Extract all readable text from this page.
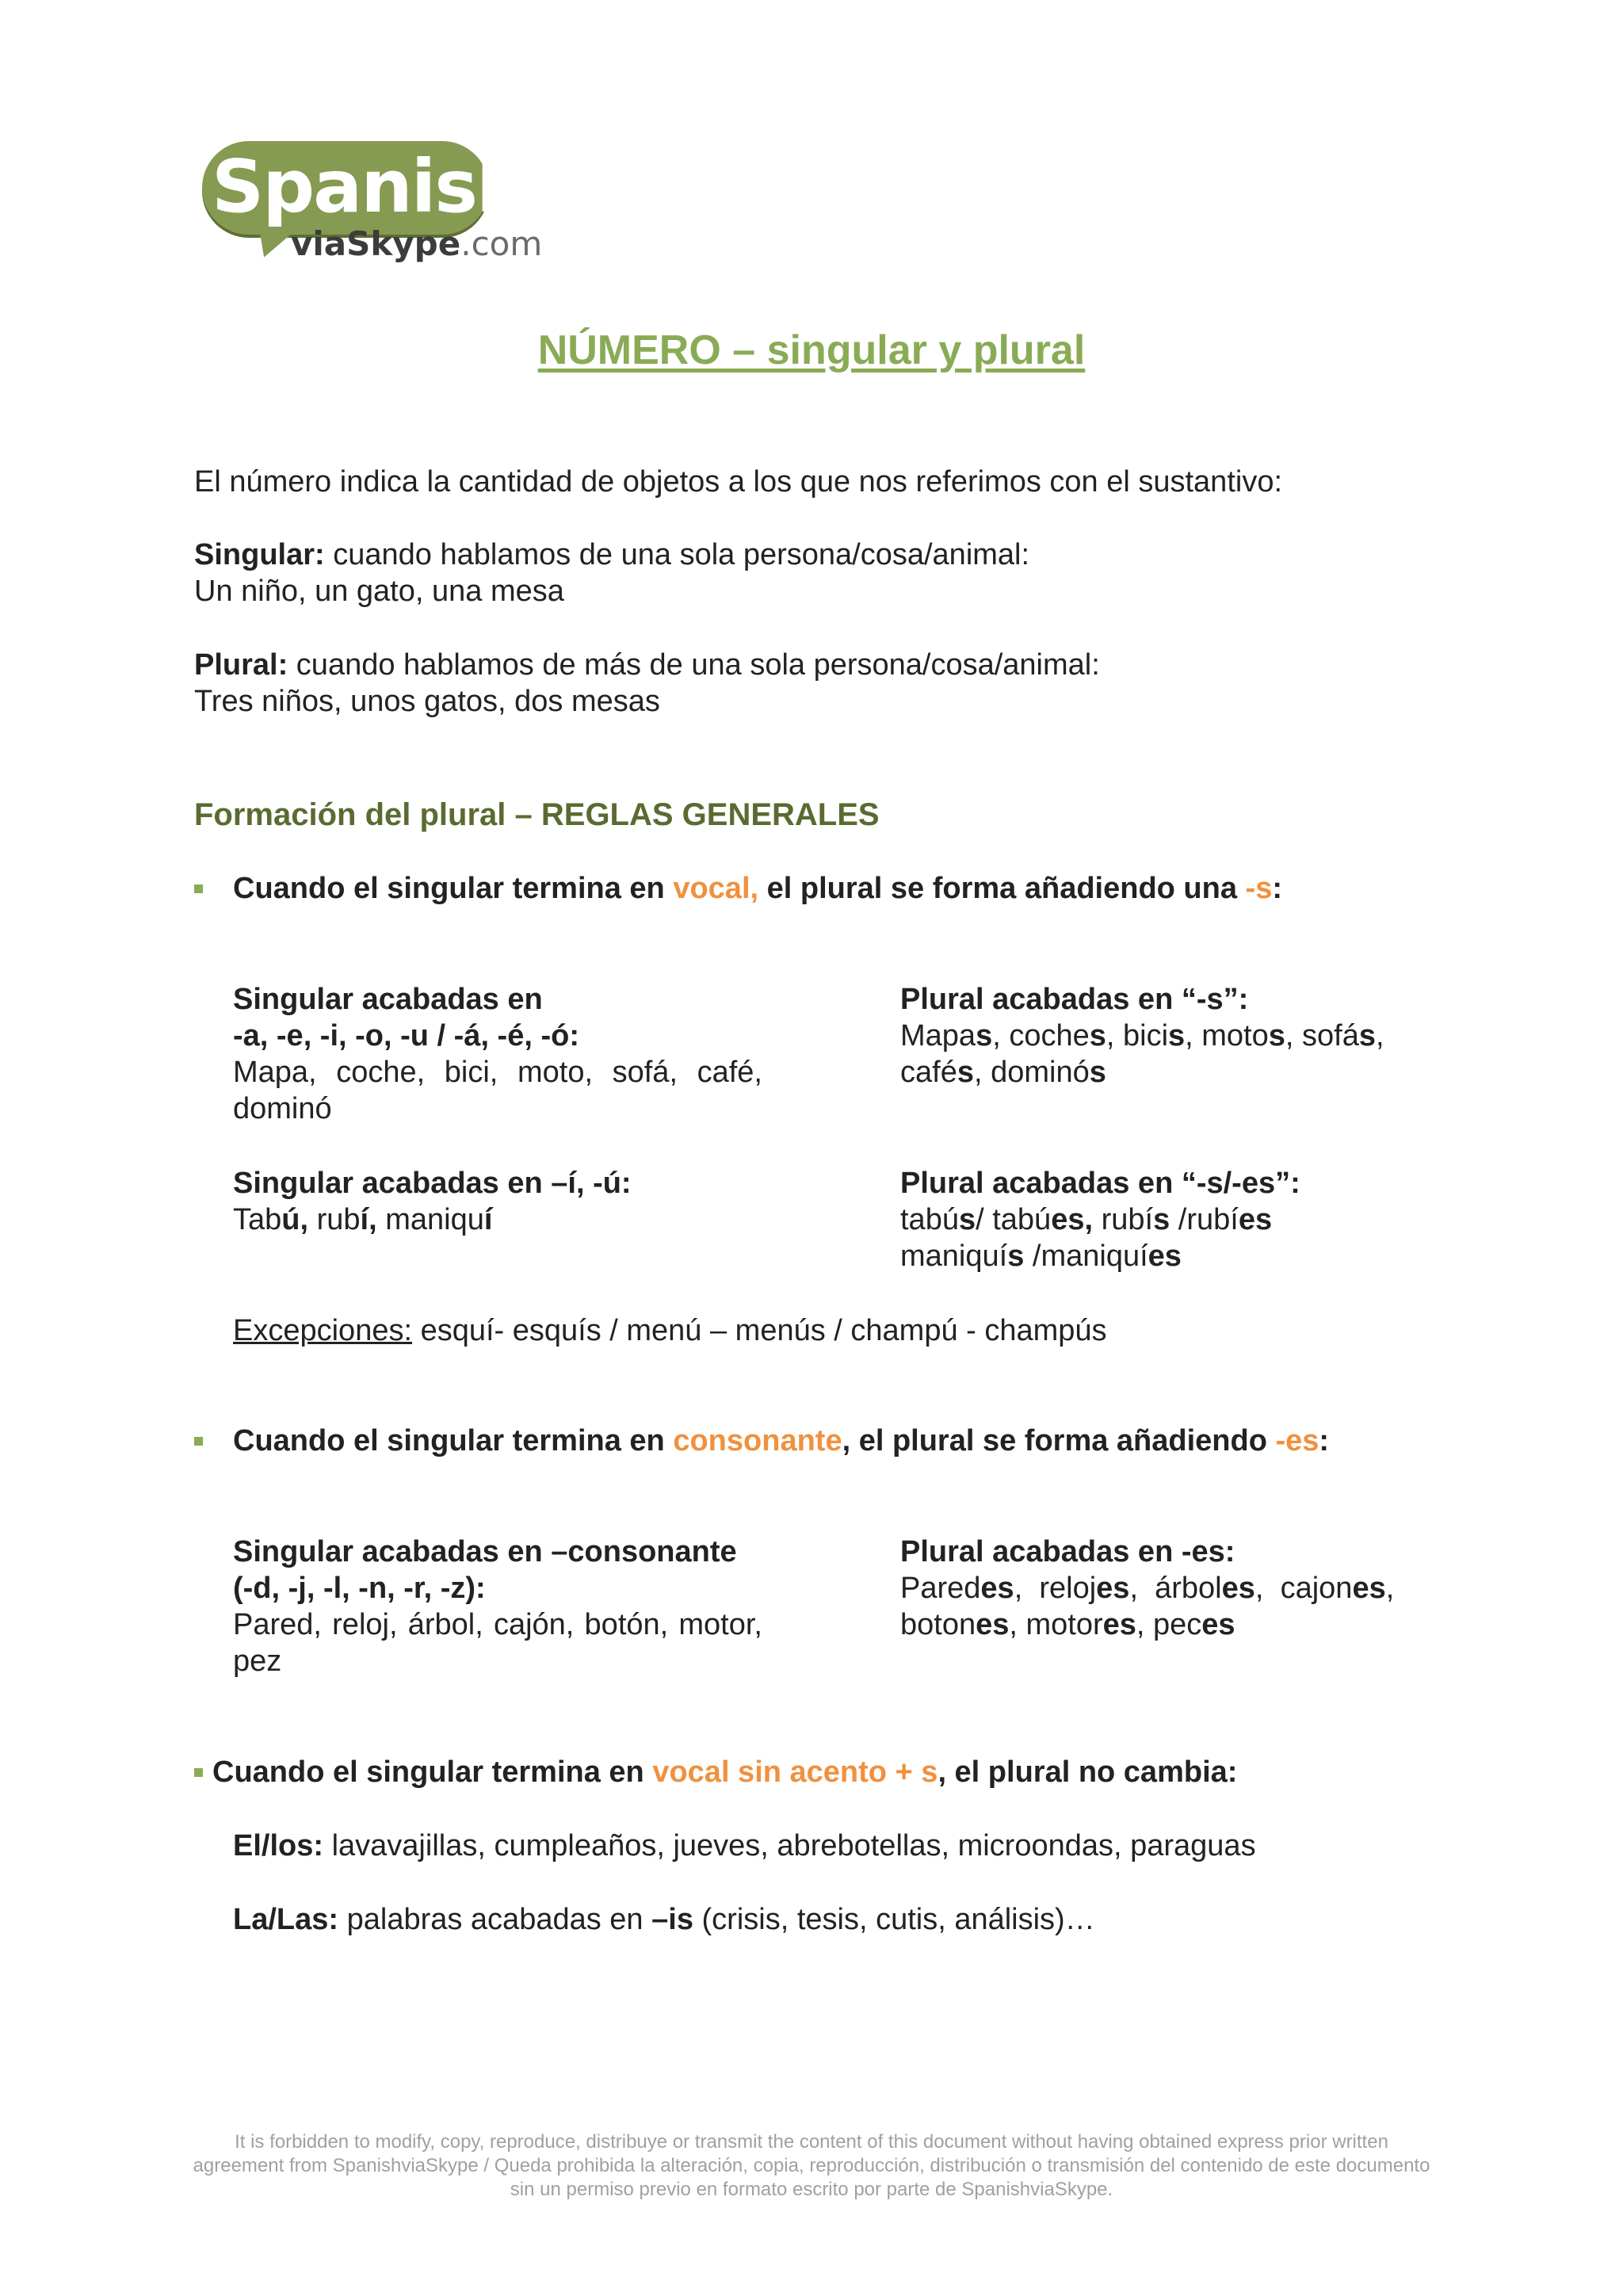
Spanish
viaSkype.com
NÚMERO – singular y plural
El número indica la cantidad de objetos a los que nos referimos con el sustantivo:
Singular: cuando hablamos de una sola persona/cosa/animal:
Un niño, un gato, una mesa
Plural: cuando hablamos de más de una sola persona/cosa/animal:
Tres niños, unos gatos, dos mesas
Formación del plural – REGLAS GENERALES
Cuando el singular termina en vocal, el plural se forma añadiendo una -s:
Singular acabadas en
-a, -e, -i, -o, -u / -á, -é, -ó:
Mapa, coche, bici, moto, sofá, café, dominó
Plural acabadas en “-s”:
Mapas, coches, bicis, motos, sofás,
cafés, dominós
Singular acabadas en –í, -ú:
Tabú, rubí, maniquí
Plural acabadas en “-s/-es”:
tabús/ tabúes, rubís /rubíes
maniquís /maniquíes
Excepciones: esquí- esquís / menú – menús / champú - champús
Cuando el singular termina en consonante, el plural se forma añadiendo -es:
Singular acabadas en –consonante
(-d, -j, -l, -n, -r, -z):
Pared, reloj, árbol, cajón, botón, motor, pez
Plural acabadas en -es:
Paredes,  relojes,  árboles,  cajones,
botones, motores, peces
Cuando el singular termina en vocal sin acento + s, el plural no cambia:
El/los: lavavajillas, cumpleaños, jueves, abrebotellas, microondas, paraguas
La/Las: palabras acabadas en –is (crisis, tesis, cutis, análisis)…
It is forbidden to modify, copy, reproduce, distribuye or transmit the content of this document without having obtained express prior written agreement from SpanishviaSkype / Queda prohibida la alteración, copia, reproducción, distribución o transmisión del contenido de este documento sin un permiso previo en formato escrito por parte de SpanishviaSkype.
